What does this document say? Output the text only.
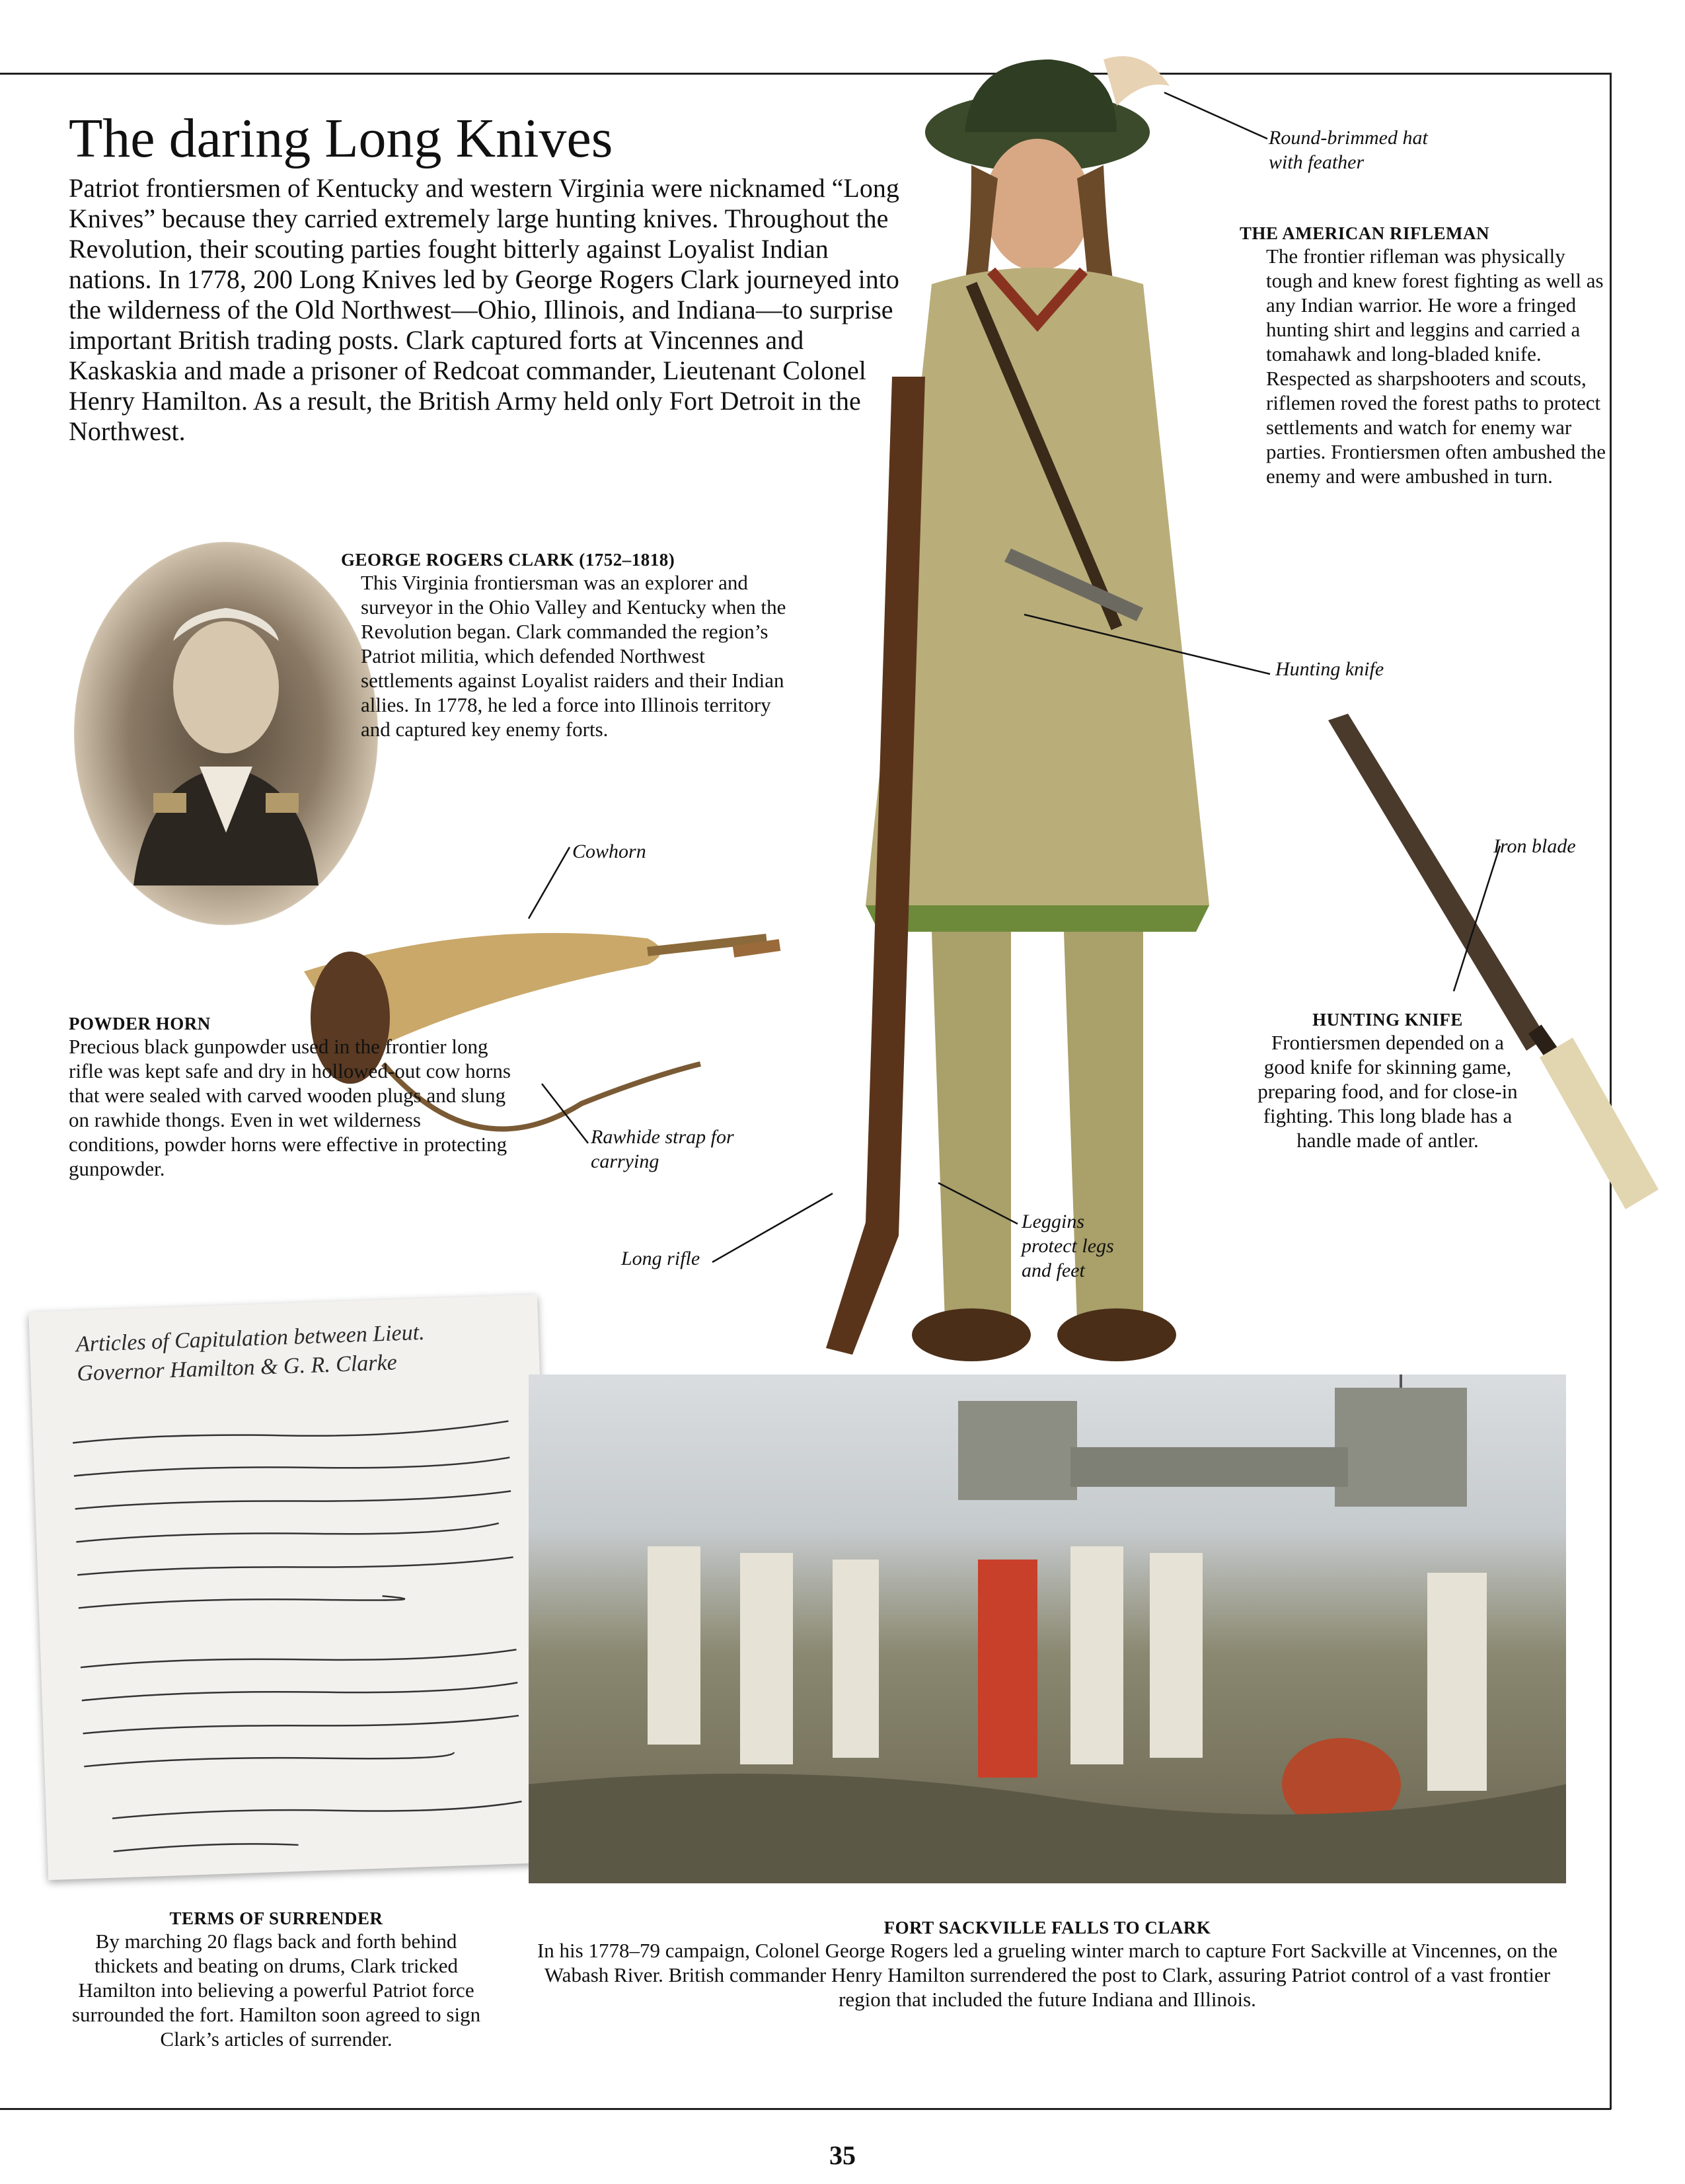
The daring Long Knives
Patriot frontiersmen of Kentucky and western Virginia were nicknamed “Long Knives” because they carried extremely large hunting knives. Throughout the Revolution, their scouting parties fought bitterly against Loyalist Indian nations. In 1778, 200 Long Knives led by George Rogers Clark journeyed into the wilderness of the Old Northwest—Ohio, Illinois, and Indiana—to surprise important British trading posts. Clark captured forts at Vincennes and Kaskaskia and made a prisoner of Redcoat commander, Lieutenant Colonel Henry Hamilton. As a result, the British Army held only Fort Detroit in the Northwest.
GEORGE ROGERS CLARK (1752–1818)
This Virginia frontiersman was an explorer and surveyor in the Ohio Valley and Kentucky when the Revolution began. Clark commanded the region’s Patriot militia, which defended Northwest settlements against Loyalist raiders and their Indian allies. In 1778, he led a force into Illinois territory and captured key enemy forts.
THE AMERICAN RIFLEMAN
The frontier rifleman was physically tough and knew forest fighting as well as any Indian warrior. He wore a fringed hunting shirt and leggins and carried a tomahawk and long-bladed knife. Respected as sharpshooters and scouts, riflemen roved the forest paths to protect settlements and watch for enemy war parties. Frontiersmen often ambushed the enemy and were ambushed in turn.
HUNTING KNIFE
Frontiersmen depended on a good knife for skinning game, preparing food, and for close-in fighting. This long blade has a handle made of antler.
POWDER HORN
Precious black gunpowder used in the frontier long rifle was kept safe and dry in hollowed-out cow horns that were sealed with carved wooden plugs and slung on rawhide thongs. Even in wet wilderness conditions, powder horns were effective in protecting gunpowder.
Articles of Capitulation between Lieut. Governor Hamilton & G. R. Clarke
TERMS OF SURRENDER
By marching 20 flags back and forth behind thickets and beating on drums, Clark tricked Hamilton into believing a powerful Patriot force surrounded the fort. Hamilton soon agreed to sign Clark’s articles of surrender.
FORT SACKVILLE FALLS TO CLARK
In his 1778–79 campaign, Colonel George Rogers led a grueling winter march to capture Fort Sackville at Vincennes, on the Wabash River. British commander Henry Hamilton surrendered the post to Clark, assuring Patriot control of a vast frontier region that included the future Indiana and Illinois.
Round-brimmed hat with feather
Hunting knife
Iron blade
Cowhorn
Rawhide strap for carrying
Long rifle
Leggins protect legs and feet
35
